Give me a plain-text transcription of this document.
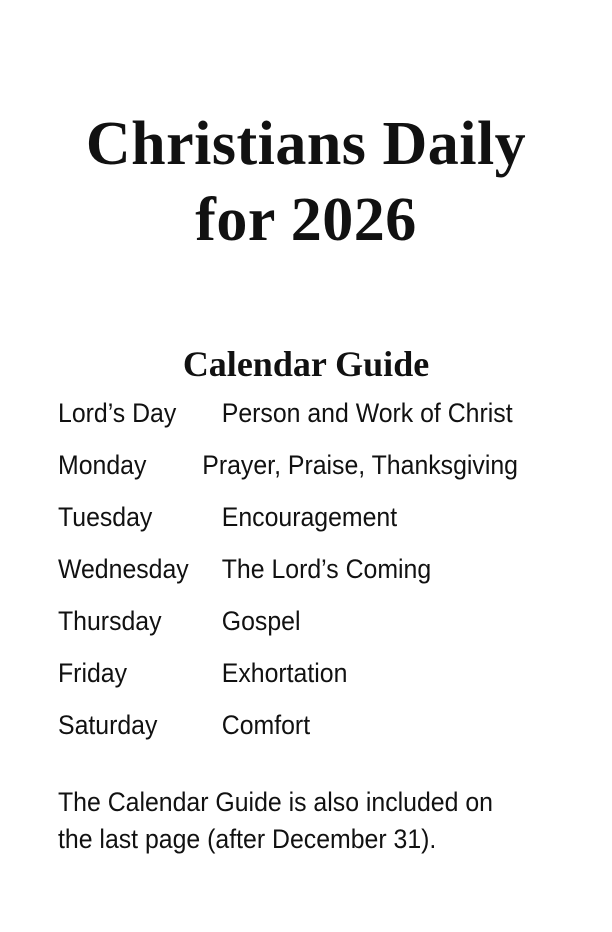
Christians Daily
for 2026
Calendar Guide
Lord’s Day	Person and Work of Christ
Monday	Prayer, Praise, Thanksgiving
Tuesday	Encouragement
Wednesday	The Lord’s Coming
Thursday	Gospel
Friday	Exhortation
Saturday	Comfort

The Calendar Guide is also included on
the last page (after December 31).
